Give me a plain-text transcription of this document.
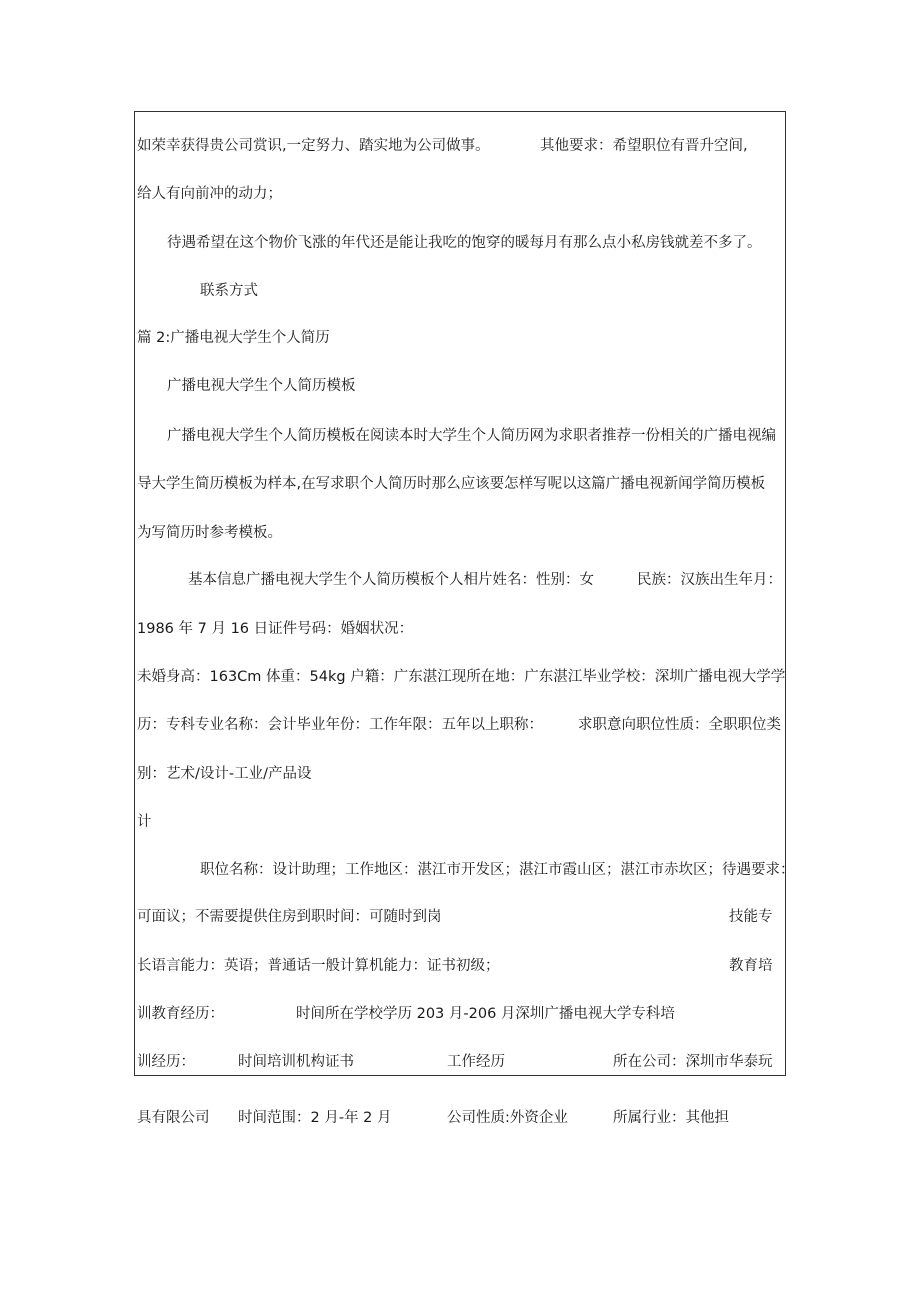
如荣幸获得贵公司赏识,一定努力、踏实地为公司做事。	其他要求：希望职位有晋升空间,
给人有向前冲的动力；
待遇希望在这个物价飞涨的年代还是能让我吃的饱穿的暖每月有那么点小私房钱就差不多了。
联系方式
篇 2:广播电视大学生个人简历
广播电视大学生个人简历模板
广播电视大学生个人简历模板在阅读本时大学生个人简历网为求职者推荐一份相关的广播电视编
导大学生简历模板为样本,在写求职个人简历时那么应该要怎样写呢以这篇广播电视新闻学简历模板
为写简历时参考模板。
基本信息广播电视大学生个人简历模板个人相片姓名：性别：女	民族：汉族出生年月：
1986 年 7 月 16 日证件号码：婚姻状况：
未婚身高：163Cm 体重：54kg 户籍：广东湛江现所在地：广东湛江毕业学校：深圳广播电视大学学
历：专科专业名称：会计毕业年份：工作年限：五年以上职称： 求职意向职位性质：全职职位类
别：艺术/设计-工业/产品设
计
职位名称：设计助理；工作地区：湛江市开发区；湛江市霞山区；湛江市赤坎区；待遇要求：
可面议；不需要提供住房到职时间：可随时到岗	技能专
长语言能力：英语；普通话一般计算机能力：证书初级；	教育培
训教育经历：	时间所在学校学历 203 月-206 月深圳广播电视大学专科培
训经历：	时间培训机构证书	工作经历	所在公司：深圳市华泰玩
具有限公司 时间范围：2 月-年 2 月	公司性质:外资企业	所属行业：其他担
